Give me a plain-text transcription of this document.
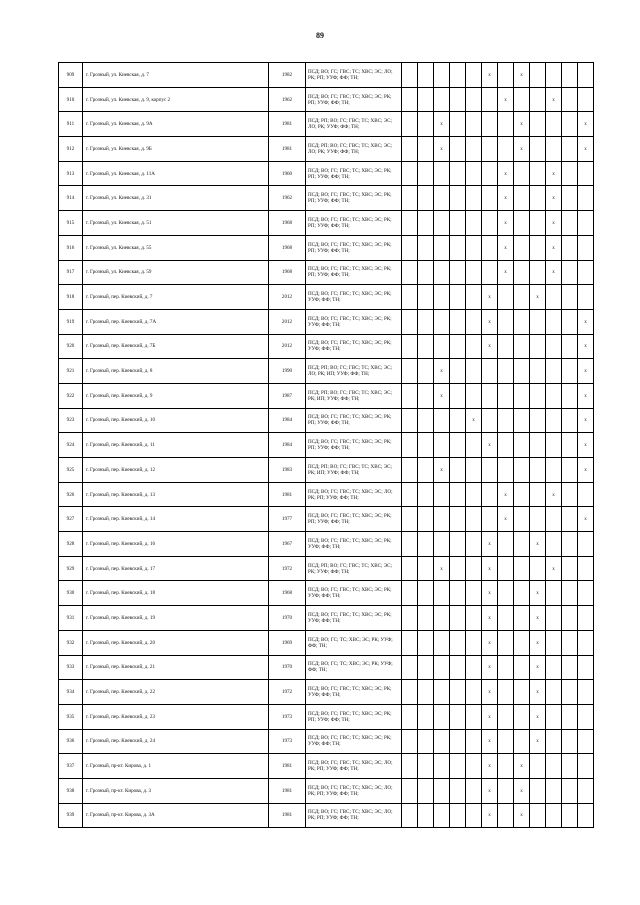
89
909	г. Грозный, ул. Киевская, д. 7	1982	ПСД; ВО; ГС; ГВС; ТС; ХВС; ЭС; ЛО; РК; РП; УУФ; ФФ; ТН;						x		x				
910	г. Грозный, ул. Киевская, д. 9, корпус 2	1962	ПСД; ВО; ГС; ГВС; ТС; ХВС; ЭС; РК; РП; УУФ; ФФ; ТН;							x			x		
911	г. Грозный, ул. Киевская, д. 9А	1981	ПСД; РП; ВО; ГС; ГВС; ТС; ХВС; ЭС; ЛО; РК; УУФ; ФФ; ТН;			x					x				x
912	г. Грозный, ул. Киевская, д. 9Б	1981	ПСД; РП; ВО; ГС; ГВС; ТС; ХВС; ЭС; ЛО; РК; УУФ; ФФ; ТН;			x					x				x
913	г. Грозный, ул. Киевская, д. 11А	1960	ПСД; ВО; ГС; ГВС; ТС; ХВС; ЭС; РК; РП; УУФ; ФФ; ТН;							x			x		
914	г. Грозный, ул. Киевская, д. 31	1962	ПСД; ВО; ГС; ГВС; ТС; ХВС; ЭС; РК; РП; УУФ; ФФ; ТН;							x			x		
915	г. Грозный, ул. Киевская, д. 51	1968	ПСД; ВО; ГС; ГВС; ТС; ХВС; ЭС; РК; РП; УУФ; ФФ; ТН;							x			x		
916	г. Грозный, ул. Киевская, д. 55	1968	ПСД; ВО; ГС; ГВС; ТС; ХВС; ЭС; РК; РП; УУФ; ФФ; ТН;							x			x		
917	г. Грозный, ул. Киевская, д. 59	1968	ПСД; ВО; ГС; ГВС; ТС; ХВС; ЭС; РК; РП; УУФ; ФФ; ТН;							x			x		
918	г. Грозный, пер. Киевский, д. 7	2012	ПСД; ВО; ГС; ГВС; ТС; ХВС; ЭС; РК; УУФ; ФФ; ТН;						x			x			
919	г. Грозный, пер. Киевский, д. 7А	2012	ПСД; ВО; ГС; ГВС; ТС; ХВС; ЭС; РК; УУФ; ФФ; ТН;						x						x
920	г. Грозный, пер. Киевский, д. 7Б	2012	ПСД; ВО; ГС; ГВС; ТС; ХВС; ЭС; РК; УУФ; ФФ; ТН;						x						x
921	г. Грозный, пер. Киевский, д. 8	1990	ПСД; РП; ВО; ГС; ГВС; ТС; ХВС; ЭС; ЛО; РК; ИП; УУФ; ФФ; ТН;			x									x
922	г. Грозный, пер. Киевский, д. 9	1987	ПСД; РП; ВО; ГС; ГВС; ТС; ХВС; ЭС; РК; ИП; УУФ; ФФ; ТН;			x									x
923	г. Грозный, пер. Киевский, д. 10	1984	ПСД; ВО; ГС; ГВС; ТС; ХВС; ЭС; РК; РП; УУФ; ФФ; ТН;					x							x
924	г. Грозный, пер. Киевский, д. 11	1984	ПСД; ВО; ГС; ГВС; ТС; ХВС; ЭС; РК; РП; УУФ; ФФ; ТН;						x						x
925	г. Грозный, пер. Киевский, д. 12	1983	ПСД; РП; ВО; ГС; ГВС; ТС; ХВС; ЭС; РК; ИП; УУФ; ФФ; ТН;			x									x
926	г. Грозный, пер. Киевский, д. 13	1981	ПСД; ВО; ГС; ГВС; ТС; ХВС; ЭС; ЛО; РК; РП; УУФ; ФФ; ТН;							x			x		
927	г. Грозный, пер. Киевский, д. 14	1977	ПСД; ВО; ГС; ГВС; ТС; ХВС; ЭС; РК; РП; УУФ; ФФ; ТН;							x					x
928	г. Грозный, пер. Киевский, д. 16	1967	ПСД; ВО; ГС; ГВС; ТС; ХВС; ЭС; РК; УУФ; ФФ; ТН;						x			x			
929	г. Грозный, пер. Киевский, д. 17	1972	ПСД; РП; ВО; ГС; ГВС; ТС; ХВС; ЭС; РК; УУФ; ФФ; ТН;			x			x				x		
930	г. Грозный, пер. Киевский, д. 18	1968	ПСД; ВО; ГС; ГВС; ТС; ХВС; ЭС; РК; УУФ; ФФ; ТН;						x			x			
931	г. Грозный, пер. Киевский, д. 19	1970	ПСД; ВО; ГС; ГВС; ТС; ХВС; ЭС; РК; УУФ; ФФ; ТН;						x			x			
932	г. Грозный, пер. Киевский, д. 20	1969	ПСД; ВО; ГС; ТС; ХВС; ЭС; РК; УУФ; ФФ; ТН;						x			x			
933	г. Грозный, пер. Киевский, д. 21	1970	ПСД; ВО; ГС; ТС; ХВС; ЭС; РК; УУФ; ФФ; ТН;						x			x			
934	г. Грозный, пер. Киевский, д. 22	1972	ПСД; ВО; ГС; ГВС; ТС; ХВС; ЭС; РК; УУФ; ФФ; ТН;						x			x			
935	г. Грозный, пер. Киевский, д. 23	1973	ПСД; ВО; ГС; ГВС; ТС; ХВС; ЭС; РК; РП; УУФ; ФФ; ТН;						x			x			
936	г. Грозный, пер. Киевский, д. 24	1973	ПСД; ВО; ГС; ГВС; ТС; ХВС; ЭС; РК; УУФ; ФФ; ТН;						x			x			
937	г. Грозный, пр-кт. Кирова, д. 1	1981	ПСД; ВО; ГС; ГВС; ТС; ХВС; ЭС; ЛО; РК; РП; УУФ; ФФ; ТН;						x		x				
938	г. Грозный, пр-кт. Кирова, д. 3	1981	ПСД; ВО; ГС; ГВС; ТС; ХВС; ЭС; ЛО; РК; РП; УУФ; ФФ; ТН;						x		x				
939	г. Грозный, пр-кт. Кирова, д. 3А	1981	ПСД; ВО; ГС; ГВС; ТС; ХВС; ЭС; ЛО; РК; РП; УУФ; ФФ; ТН;						x		x				
